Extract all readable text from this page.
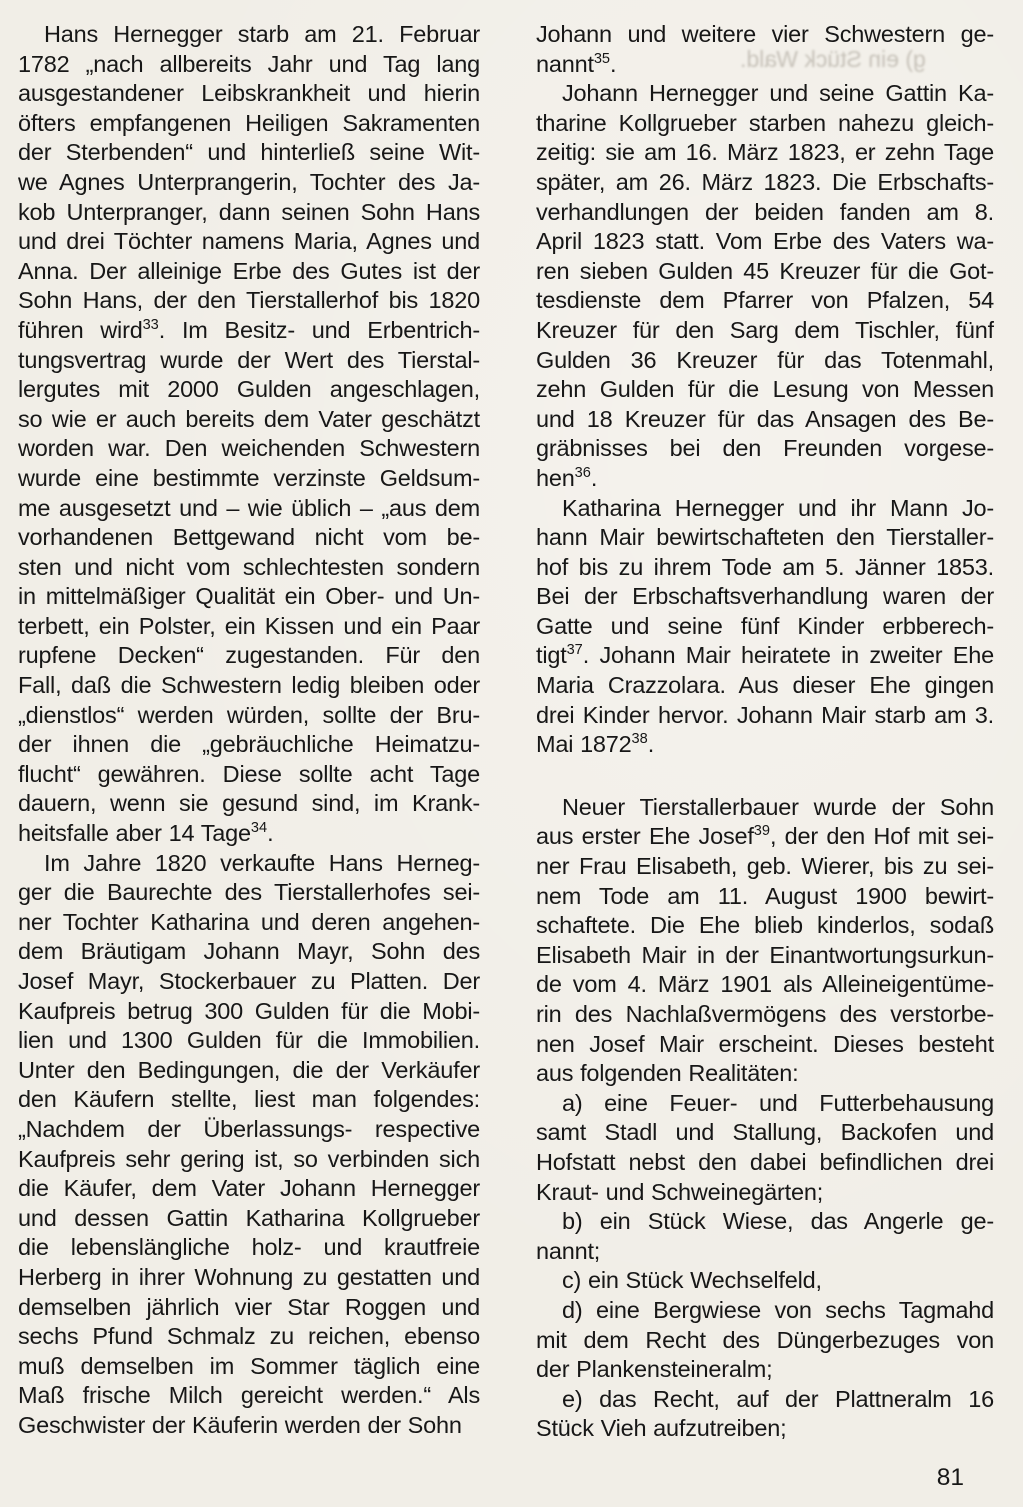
g) ein Stück Wald.
Hans Hernegger starb am 21. Februar
1782 „nach allbereits Jahr und Tag lang
ausgestandener Leibskrankheit und hierin
öfters empfangenen Heiligen Sakramenten
der Sterbenden“ und hinterließ seine Wit-
we Agnes Unterprangerin, Tochter des Ja-
kob Unterpranger, dann seinen Sohn Hans
und drei Töchter namens Maria, Agnes und
Anna. Der alleinige Erbe des Gutes ist der
Sohn Hans, der den Tierstallerhof bis 1820
führen wird$^{33}$. Im Besitz- und Erbentrich-
tungsvertrag wurde der Wert des Tierstal-
lergutes mit 2000 Gulden angeschlagen,
so wie er auch bereits dem Vater geschätzt
worden war. Den weichenden Schwestern
wurde eine bestimmte verzinste Geldsum-
me ausgesetzt und – wie üblich – „aus dem
vorhandenen Bettgewand nicht vom be-
sten und nicht vom schlechtesten sondern
in mittelmäßiger Qualität ein Ober- und Un-
terbett, ein Polster, ein Kissen und ein Paar
rupfene Decken“ zugestanden. Für den
Fall, daß die Schwestern ledig bleiben oder
„dienstlos“ werden würden, sollte der Bru-
der ihnen die „gebräuchliche Heimatzu-
flucht“ gewähren. Diese sollte acht Tage
dauern, wenn sie gesund sind, im Krank-
heitsfalle aber 14 Tage$^{34}$.
Im Jahre 1820 verkaufte Hans Herneg-
ger die Baurechte des Tierstallerhofes sei-
ner Tochter Katharina und deren angehen-
dem Bräutigam Johann Mayr, Sohn des
Josef Mayr, Stockerbauer zu Platten. Der
Kaufpreis betrug 300 Gulden für die Mobi-
lien und 1300 Gulden für die Immobilien.
Unter den Bedingungen, die der Verkäufer
den Käufern stellte, liest man folgendes:
„Nachdem der Überlassungs- respective
Kaufpreis sehr gering ist, so verbinden sich
die Käufer, dem Vater Johann Hernegger
und dessen Gattin Katharina Kollgrueber
die lebenslängliche holz- und krautfreie
Herberg in ihrer Wohnung zu gestatten und
demselben jährlich vier Star Roggen und
sechs Pfund Schmalz zu reichen, ebenso
muß demselben im Sommer täglich eine
Maß frische Milch gereicht werden.“ Als
Geschwister der Käuferin werden der Sohn
Johann und weitere vier Schwestern ge-
nannt$^{35}$.
Johann Hernegger und seine Gattin Ka-
tharine Kollgrueber starben nahezu gleich-
zeitig: sie am 16. März 1823, er zehn Tage
später, am 26. März 1823. Die Erbschafts-
verhandlungen der beiden fanden am 8.
April 1823 statt. Vom Erbe des Vaters wa-
ren sieben Gulden 45 Kreuzer für die Got-
tesdienste dem Pfarrer von Pfalzen, 54
Kreuzer für den Sarg dem Tischler, fünf
Gulden 36 Kreuzer für das Totenmahl,
zehn Gulden für die Lesung von Messen
und 18 Kreuzer für das Ansagen des Be-
gräbnisses bei den Freunden vorgese-
hen$^{36}$.
Katharina Hernegger und ihr Mann Jo-
hann Mair bewirtschafteten den Tierstaller-
hof bis zu ihrem Tode am 5. Jänner 1853.
Bei der Erbschaftsverhandlung waren der
Gatte und seine fünf Kinder erbberech-
tigt$^{37}$. Johann Mair heiratete in zweiter Ehe
Maria Crazzolara. Aus dieser Ehe gingen
drei Kinder hervor. Johann Mair starb am 3.
Mai 1872$^{38}$.
Neuer Tierstallerbauer wurde der Sohn
aus erster Ehe Josef$^{39}$, der den Hof mit sei-
ner Frau Elisabeth, geb. Wierer, bis zu sei-
nem Tode am 11. August 1900 bewirt-
schaftete. Die Ehe blieb kinderlos, sodaß
Elisabeth Mair in der Einantwortungsurkun-
de vom 4. März 1901 als Alleineigentüme-
rin des Nachlaßvermögens des verstorbe-
nen Josef Mair erscheint. Dieses besteht
aus folgenden Realitäten:
a) eine Feuer- und Futterbehausung
samt Stadl und Stallung, Backofen und
Hofstatt nebst den dabei befindlichen drei
Kraut- und Schweinegärten;
b) ein Stück Wiese, das Angerle ge-
nannt;
c) ein Stück Wechselfeld,
d) eine Bergwiese von sechs Tagmahd
mit dem Recht des Düngerbezuges von
der Plankensteineralm;
e) das Recht, auf der Plattneralm 16
Stück Vieh aufzutreiben;
81
